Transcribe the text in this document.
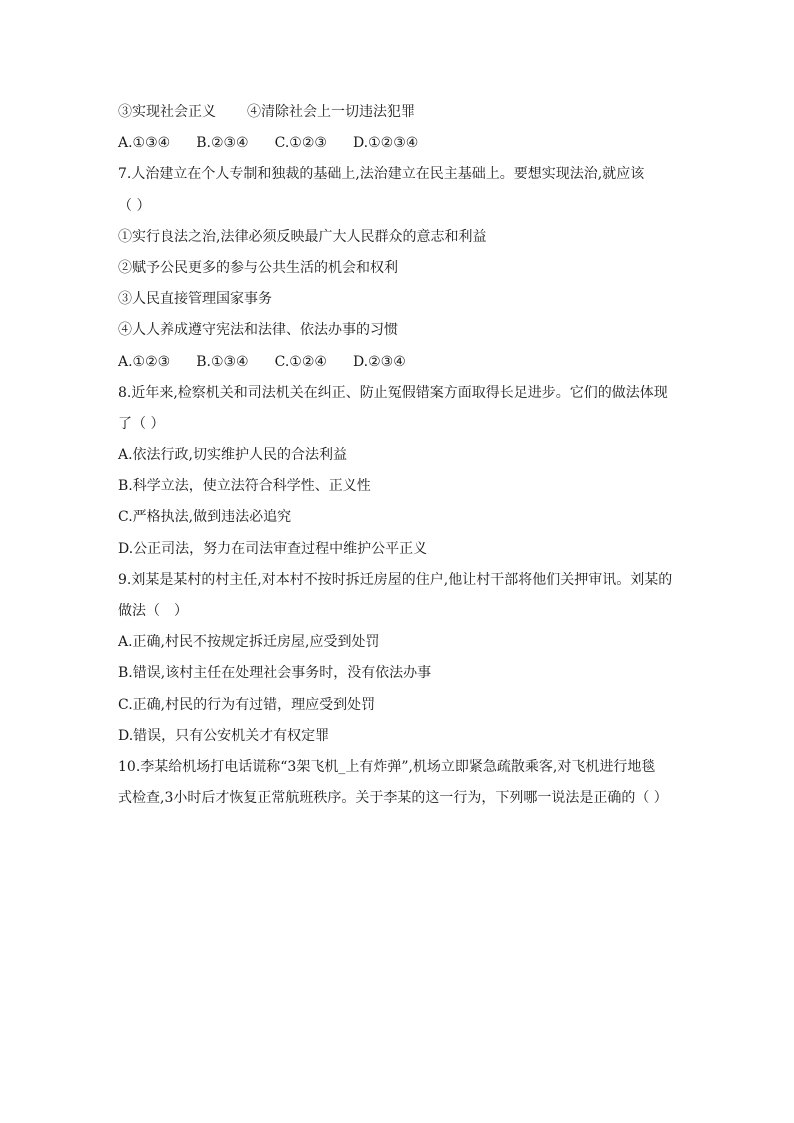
③实现社会正义 ④清除社会上一切违法犯罪
A.①③④ B.②③④ C.①②③ D.①②③④
7.人治建立在个人专制和独裁的基础上,法治建立在民主基础上。要想实现法治,就应该
（ ）
①实行良法之治,法律必须反映最广大人民群众的意志和利益
②赋予公民更多的参与公共生活的机会和权利
③人民直接管理国家事务
④人人养成遵守宪法和法律、依法办事的习惯
A.①②③ B.①③④ C.①②④ D.②③④
8.近年来,检察机关和司法机关在纠正、防止冤假错案方面取得长足进步。它们的做法体现
了（ ）
A.依法行政,切实维护人民的合法利益
B.科学立法，使立法符合科学性、正义性
C.严格执法,做到违法必追究
D.公正司法，努力在司法审查过程中维护公平正义
9.刘某是某村的村主任,对本村不按时拆迁房屋的住户,他让村干部将他们关押审讯。刘某的
做法（　）
A.正确,村民不按规定拆迁房屋,应受到处罚
B.错误,该村主任在处理社会事务时，没有依法办事
C.正确,村民的行为有过错，理应受到处罚
D.错误，只有公安机关才有权定罪
10.李某给机场打电话谎称“3架飞机_上有炸弹”,机场立即紧急疏散乘客,对飞机进行地毯
式检查,3小时后才恢复正常航班秩序。关于李某的这一行为，下列哪一说法是正确的（ ）
